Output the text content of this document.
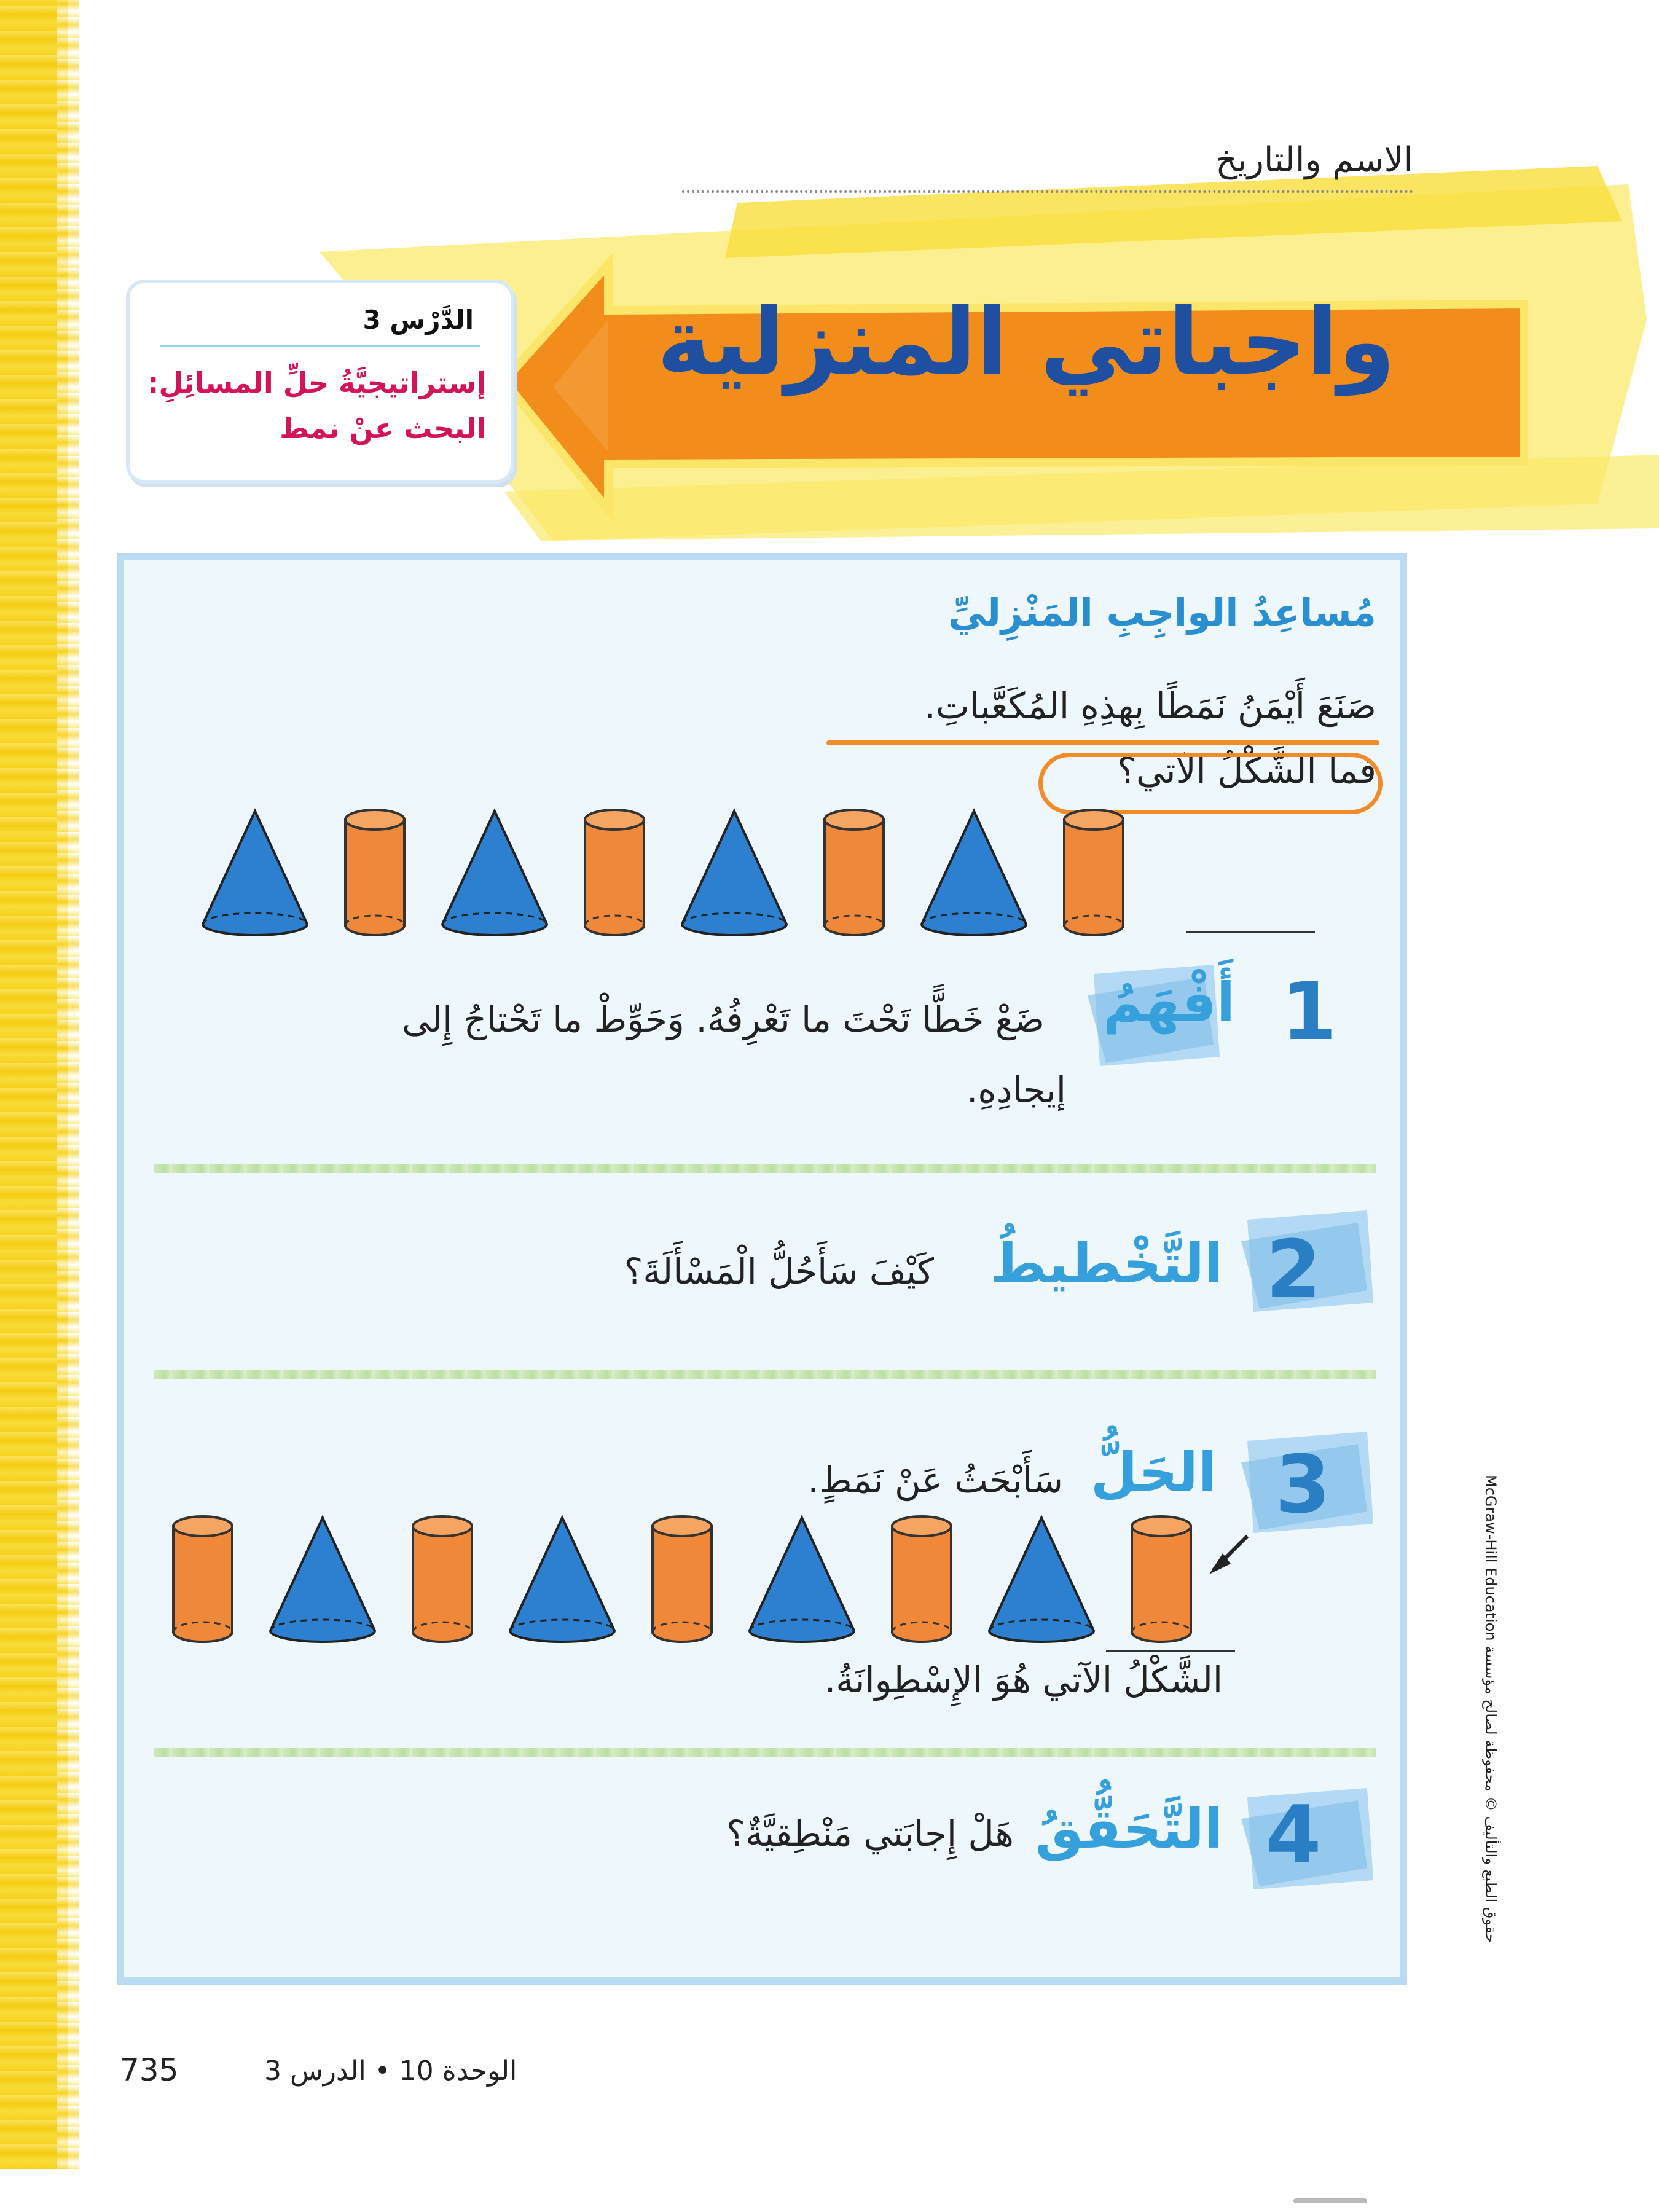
واجباتي المنزلية
الاسم والتاريخ
الدَّرْس 3
إستراتيجيَّةُ حلِّ المسائِلِ:
البحث عنْ نمط
مُساعِدُ الواجِبِ المَنْزِليِّ
صَنَعَ أَيْمَنُ نَمَطًا بِهذِهِ المُكَعَّباتِ.
فما الشَّكْلُ الآتي؟
1
أَفْهَمُ
ضَعْ خَطًّا تَحْتَ ما تَعْرِفُهُ. وَحَوِّطْ ما تَحْتاجُ إِلى
إيجادِهِ.
2
التَّخْطيطُ
كَيْفَ سَأَحُلُّ الْمَسْأَلَةَ؟
3
الحَلُّ
سَأَبْحَثُ عَنْ نَمَطٍ.
الشَّكْلُ الآتي هُوَ الإِسْطِوانَةُ.
4
التَّحَقُّقُ
هَلْ إِجابَتي مَنْطِقيَّةٌ؟
McGraw-Hill Education حقوق الطبع والتأليف © محفوظة لصالح مؤسسة
الوحدة 10 • الدرس 3
735
